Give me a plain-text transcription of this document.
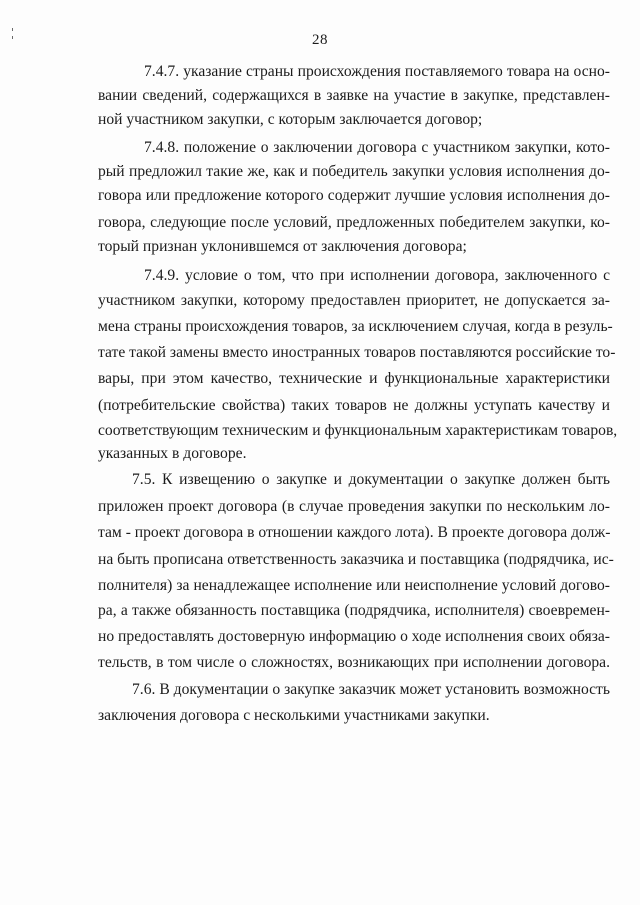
28
7.4.7. указание страны происхождения поставляемого товара на осно-
вании сведений, содержащихся в заявке на участие в закупке, представлен-
ной участником закупки, с которым заключается договор;
7.4.8. положение о заключении договора с участником закупки, кото-
рый предложил такие же, как и победитель закупки условия исполнения до-
говора или предложение которого содержит лучшие условия исполнения до-
говора, следующие после условий, предложенных победителем закупки, ко-
торый признан уклонившемся от заключения договора;
7.4.9. условие о том, что при исполнении договора, заключенного с
участником закупки, которому предоставлен приоритет, не допускается за-
мена страны происхождения товаров, за исключением случая, когда в резуль-
тате такой замены вместо иностранных товаров поставляются российские то-
вары, при этом качество, технические и функциональные характеристики
(потребительские свойства) таких товаров не должны уступать качеству и
соответствующим техническим и функциональным характеристикам товаров,
указанных в договоре.
7.5. К извещению о закупке и документации о закупке должен быть
приложен проект договора (в случае проведения закупки по нескольким ло-
там - проект договора в отношении каждого лота). В проекте договора долж-
на быть прописана ответственность заказчика и поставщика (подрядчика, ис-
полнителя) за ненадлежащее исполнение или неисполнение условий догово-
ра, а также обязанность поставщика (подрядчика, исполнителя) своевремен-
но предоставлять достоверную информацию о ходе исполнения своих обяза-
тельств, в том числе о сложностях, возникающих при исполнении договора.
7.6. В документации о закупке заказчик может установить возможность
заключения договора с несколькими участниками закупки.
